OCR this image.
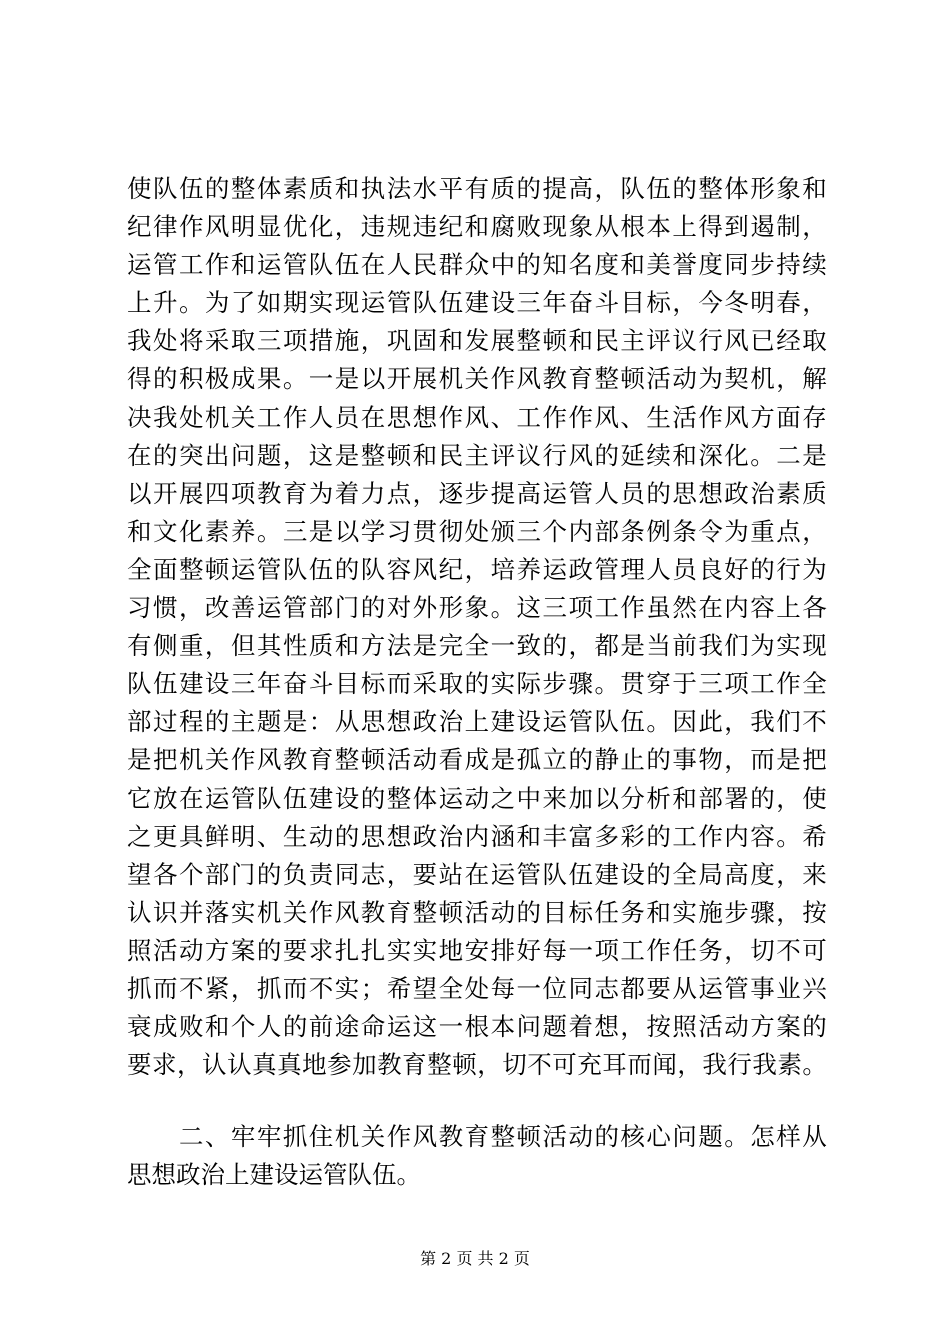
使 队 伍 的 整 体 素 质 和 执 法 水 平 有 质 的 提 高 ， 队 伍 的 整 体 形 象 和
纪 律 作 风 明 显 优 化 ， 违 规 违 纪 和 腐 败 现 象 从 根 本 上 得 到 遏 制 ，
运 管 工 作 和 运 管 队 伍 在 人 民 群 众 中 的 知 名 度 和 美 誉 度 同 步 持 续
上 升 。 为 了 如 期 实 现 运 管 队 伍 建 设 三 年 奋 斗 目 标 ， 今 冬 明 春 ，
我 处 将 采 取 三 项 措 施 ， 巩 固 和 发 展 整 顿 和 民 主 评 议 行 风 已 经 取
得 的 积 极 成 果 。 一 是 以 开 展 机 关 作 风 教 育 整 顿 活 动 为 契 机 ， 解
决 我 处 机 关 工 作 人 员 在 思 想 作 风 、 工 作 作 风 、 生 活 作 风 方 面 存
在 的 突 出 问 题 ， 这 是 整 顿 和 民 主 评 议 行 风 的 延 续 和 深 化 。 二 是
以 开 展 四 项 教 育 为 着 力 点 ， 逐 步 提 高 运 管 人 员 的 思 想 政 治 素 质
和 文 化 素 养 。 三 是 以 学 习 贯 彻 处 颁 三 个 内 部 条 例 条 令 为 重 点 ，
全 面 整 顿 运 管 队 伍 的 队 容 风 纪 ， 培 养 运 政 管 理 人 员 良 好 的 行 为
习 惯 ， 改 善 运 管 部 门 的 对 外 形 象 。 这 三 项 工 作 虽 然 在 内 容 上 各
有 侧 重 ， 但 其 性 质 和 方 法 是 完 全 一 致 的 ， 都 是 当 前 我 们 为 实 现
队 伍 建 设 三 年 奋 斗 目 标 而 采 取 的 实 际 步 骤 。 贯 穿 于 三 项 工 作 全
部 过 程 的 主 题 是 ： 从 思 想 政 治 上 建 设 运 管 队 伍 。 因 此 ， 我 们 不
是 把 机 关 作 风 教 育 整 顿 活 动 看 成 是 孤 立 的 静 止 的 事 物 ， 而 是 把
它 放 在 运 管 队 伍 建 设 的 整 体 运 动 之 中 来 加 以 分 析 和 部 署 的 ， 使
之 更 具 鲜 明 、 生 动 的 思 想 政 治 内 涵 和 丰 富 多 彩 的 工 作 内 容 。 希
望 各 个 部 门 的 负 责 同 志 ， 要 站 在 运 管 队 伍 建 设 的 全 局 高 度 ， 来
认 识 并 落 实 机 关 作 风 教 育 整 顿 活 动 的 目 标 任 务 和 实 施 步 骤 ， 按
照 活 动 方 案 的 要 求 扎 扎 实 实 地 安 排 好 每 一 项 工 作 任 务 ， 切 不 可
抓 而 不 紧 ， 抓 而 不 实 ； 希 望 全 处 每 一 位 同 志 都 要 从 运 管 事 业 兴
衰 成 败 和 个 人 的 前 途 命 运 这 一 根 本 问 题 着 想 ， 按 照 活 动 方 案 的
要 求 ， 认 认 真 真 地 参 加 教 育 整 顿 ， 切 不 可 充 耳 而 闻 ， 我 行 我 素 。

二 、 牢 牢 抓 住 机 关 作 风 教 育 整 顿 活 动 的 核 心 问 题 。 怎 样 从
思想政治上建设运管队伍。
第 2 页 共 2 页
